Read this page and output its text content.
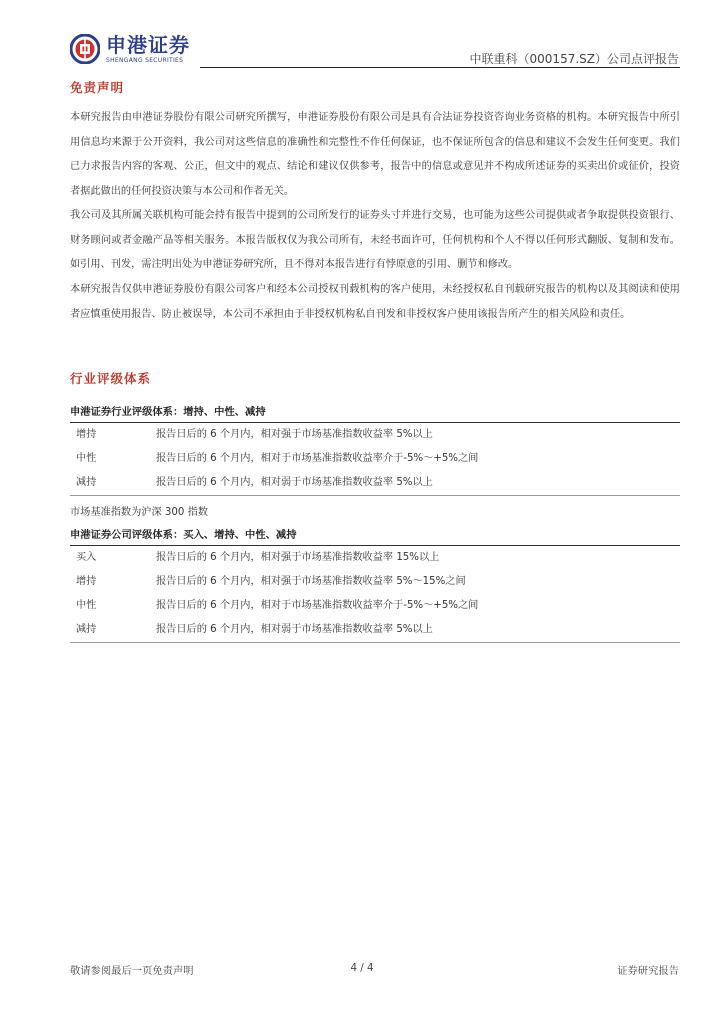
申港证券
SHENGANG SECURITIES	中联重科（000157.SZ）公司点评报告
免责声明
本研究报告由申港证券股份有限公司研究所撰写，申港证券股份有限公司是具有合法证券投资咨询业务资格的机构。本研究报告中所引用信息均来源于公开资料，我公司对这些信息的准确性和完整性不作任何保证，也不保证所包含的信息和建议不会发生任何变更。我们已力求报告内容的客观、公正，但文中的观点、结论和建议仅供参考，报告中的信息或意见并不构成所述证券的买卖出价或征价，投资者据此做出的任何投资决策与本公司和作者无关。
我公司及其所属关联机构可能会持有报告中提到的公司所发行的证券头寸并进行交易，也可能为这些公司提供或者争取提供投资银行、财务顾问或者金融产品等相关服务。本报告版权仅为我公司所有，未经书面许可，任何机构和个人不得以任何形式翻版、复制和发布。如引用、刊发，需注明出处为申港证券研究所，且不得对本报告进行有悖原意的引用、删节和修改。
本研究报告仅供申港证券股份有限公司客户和经本公司授权刊载机构的客户使用，未经授权私自刊载研究报告的机构以及其阅读和使用者应慎重使用报告、防止被误导，本公司不承担由于非授权机构私自刊发和非授权客户使用该报告所产生的相关风险和责任。
行业评级体系
申港证券行业评级体系：增持、中性、减持
增持	报告日后的 6 个月内，相对强于市场基准指数收益率 5%以上
中性	报告日后的 6 个月内，相对于市场基准指数收益率介于-5%～+5%之间
减持	报告日后的 6 个月内，相对弱于市场基准指数收益率 5%以上
市场基准指数为沪深 300 指数
申港证券公司评级体系：买入、增持、中性、减持
买入	报告日后的 6 个月内，相对强于市场基准指数收益率 15%以上
增持	报告日后的 6 个月内，相对强于市场基准指数收益率 5%～15%之间
中性	报告日后的 6 个月内，相对于市场基准指数收益率介于-5%～+5%之间
减持	报告日后的 6 个月内，相对弱于市场基准指数收益率 5%以上
敬请参阅最后一页免责声明	4 / 4	证券研究报告
